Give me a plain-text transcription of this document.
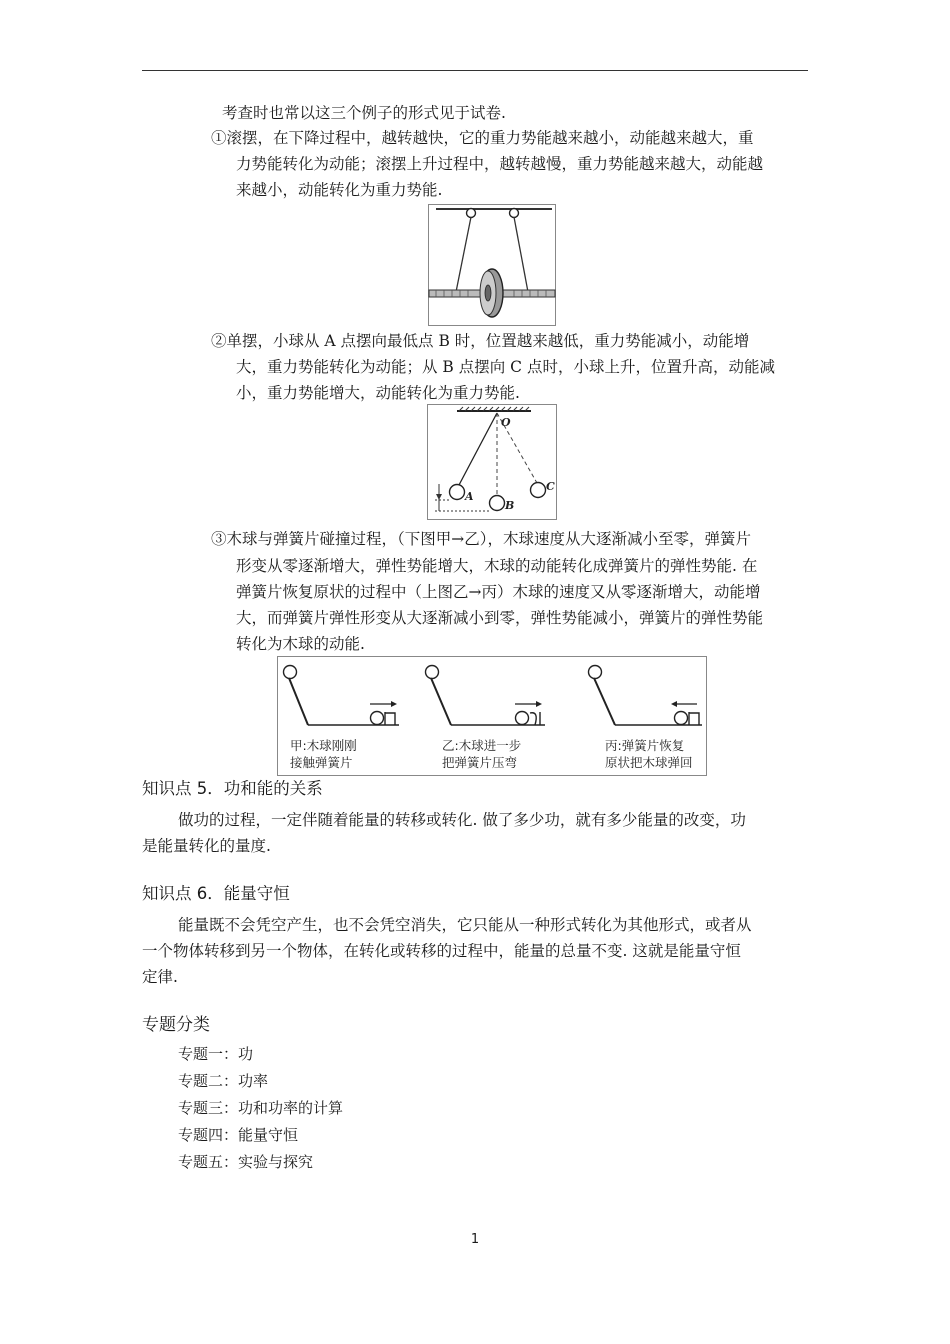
考查时也常以这三个例子的形式见于试卷.
①滚摆，在下降过程中，越转越快，它的重力势能越来越小，动能越来越大，重
力势能转化为动能；滚摆上升过程中，越转越慢，重力势能越来越大，动能越
来越小，动能转化为重力势能.
②单摆，小球从 A 点摆向最低点 B 时，位置越来越低，重力势能减小，动能增
大，重力势能转化为动能；从 B 点摆向 C 点时，小球上升，位置升高，动能减
小，重力势能增大，动能转化为重力势能.
O
A
B
C
③木球与弹簧片碰撞过程，（下图甲→乙），木球速度从大逐渐减小至零，弹簧片
形变从零逐渐增大，弹性势能增大，木球的动能转化成弹簧片的弹性势能. 在
弹簧片恢复原状的过程中（上图乙→丙）木球的速度又从零逐渐增大，动能增
大，而弹簧片弹性形变从大逐渐减小到零，弹性势能减小，弹簧片的弹性势能
转化为木球的动能.
甲:木球刚刚
接触弹簧片
乙:木球进一步
把弹簧片压弯
丙:弹簧片恢复
原状把木球弹回
知识点 5．功和能的关系
做功的过程，一定伴随着能量的转移或转化. 做了多少功，就有多少能量的改变，功
是能量转化的量度.
知识点 6．能量守恒
能量既不会凭空产生，也不会凭空消失，它只能从一种形式转化为其他形式，或者从
一个物体转移到另一个物体，在转化或转移的过程中，能量的总量不变. 这就是能量守恒
定律.
专题分类
专题一：功
专题二：功率
专题三：功和功率的计算
专题四：能量守恒
专题五：实验与探究
1
